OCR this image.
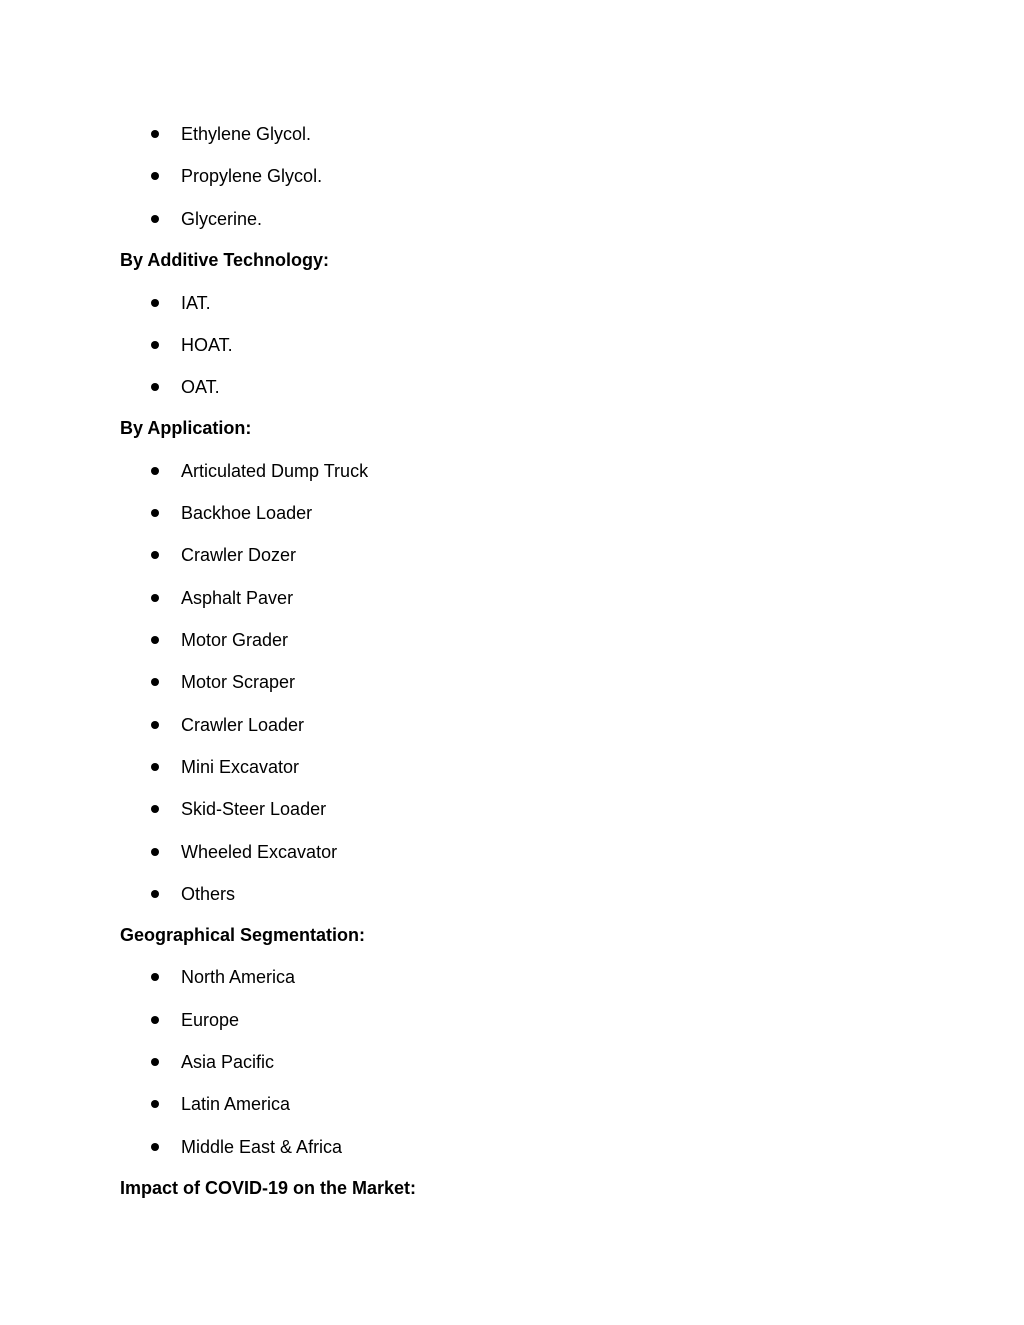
Ethylene Glycol.
Propylene Glycol.
Glycerine.
By Additive Technology:
IAT.
HOAT.
OAT.
By Application:
Articulated Dump Truck
Backhoe Loader
Crawler Dozer
Asphalt Paver
Motor Grader
Motor Scraper
Crawler Loader
Mini Excavator
Skid-Steer Loader
Wheeled Excavator
Others
Geographical Segmentation:
North America
Europe
Asia Pacific
Latin America
Middle East & Africa
Impact of COVID-19 on the Market:
